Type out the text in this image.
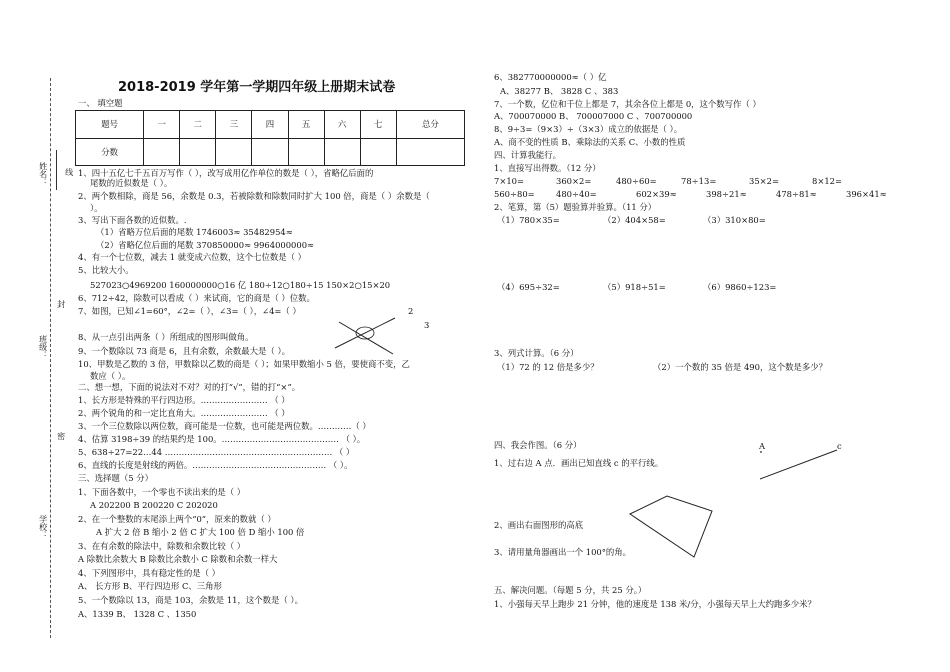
姓名： 线
班级：
封
密
学校：
2018-2019 学年第一学期四年级上册期末试卷
题号	一	二	三	四	五	六	七	总分
分数								
一、 填空题
1、四十五亿七千五百万写作（ ），改写成用亿作单位的数是（ ），省略亿后面的
尾数的近似数是（ ）。
2、两个数相除，商是 56，余数是 0.3，若被除数和除数同时扩大 100 倍，商是（ ）余数是（
）。
3、写出下面各数的近似数。.
（1）省略万位后面的尾数 1746003≈ 35482954≈
（2）省略亿位后面的尾数 370850000≈ 9964000000≈
4、有一个七位数，减去 1 就变成六位数，这个七位数是（ ）
5、比较大小。
527023○4969200 160000000○16 亿 180÷12○180÷15 150×2○15×20
6、712÷42，除数可以看成（ ）来试商，它的商是（ ）位数。
7、如图，已知∠1=60°，∠2=（ ），∠3=（ ），∠4=（ ）
8、从一点引出两条（ ）所组成的图形叫做角。
9、一个数除以 73 商是 6，且有余数，余数最大是（ ）。
10、甲数是乙数的 3 倍，甲数除以乙数的商是（ ）；如果甲数缩小 5 倍，要使商不变，乙
数应（ ）。
二、想一想，下面的说法对不对？对的打“√”，错的打“×”。
1、长方形是特殊的平行四边形。…………………… （ ）
2、两个锐角的和一定比直角大。…………………… （ ）
3、一个三位数除以两位数，商可能是一位数，也可能是两位数。…………（ ）
4、估算 3198÷39 的结果约是 100。…………………………………… （ ）。
5、638÷27=22…44 …………………………………………………… （ ）
6、直线的长度是射线的两倍。………………………………………… （ ）。
三、选择题（5 分）
1、下面各数中，一个零也不读出来的是（ ）
A 202200 B 200220 C 202020
2、在一个整数的末尾添上两个“0”，原来的数就（ ）
A 扩大 2 倍 B 缩小 2 倍 C 扩大 100 倍 D 缩小 100 倍
3、在有余数的除法中，除数和余数比较（ ）
A 除数比余数大 B 除数比余数小 C 除数和余数一样大
4、下列图形中，具有稳定性的是（ ）
A、 长方形 B、平行四边形 C、三角形
5、一个数除以 13，商是 103，余数是 11，这个数是（ ）。
A、1339 B、 1328 C 、1350
2
3
6、382770000000≈（ ）亿
A、38277 B、 3828 C 、383
7、一个数，亿位和千位上都是 7，其余各位上都是 0，这个数写作（ ）
A、700070000 B、 700007000 C 、700700000
8、9÷3=（9×3）÷（3×3）成立的依据是（ ）。
A、商不变的性质 B、乘除法的关系 C、小数的性质
四、计算我能行。
1、直接写出得数。（12 分）
7×10=	360×2=	480÷60=	78÷13=	35×2=	8×12=
560÷80=	480÷40=	602×39≈	398÷21≈	478÷81≈	396×41≈
2、笔算，第（5）题验算并验算。（11 分）
（1）780×35=	（2）404×58=	（3）310×80=
（4）695÷32=	（5）918÷51=	（6）9860÷123=
3、列式计算。（6 分）
（1）72 的 12 倍是多少？	（2）一个数的 35 倍是 490，这个数是多少？
四、我会作图。（6 分）
1、过右边 A 点．画出已知直线 c 的平行线。
2、画出右面图形的高底
3、请用量角器画出一个 100°的角。
五、解决问题。（每题 5 分，共 25 分。）
1、小强每天早上跑步 21 分钟，他的速度是 138 米/分，小强每天早上大约跑多少米？
A	c
